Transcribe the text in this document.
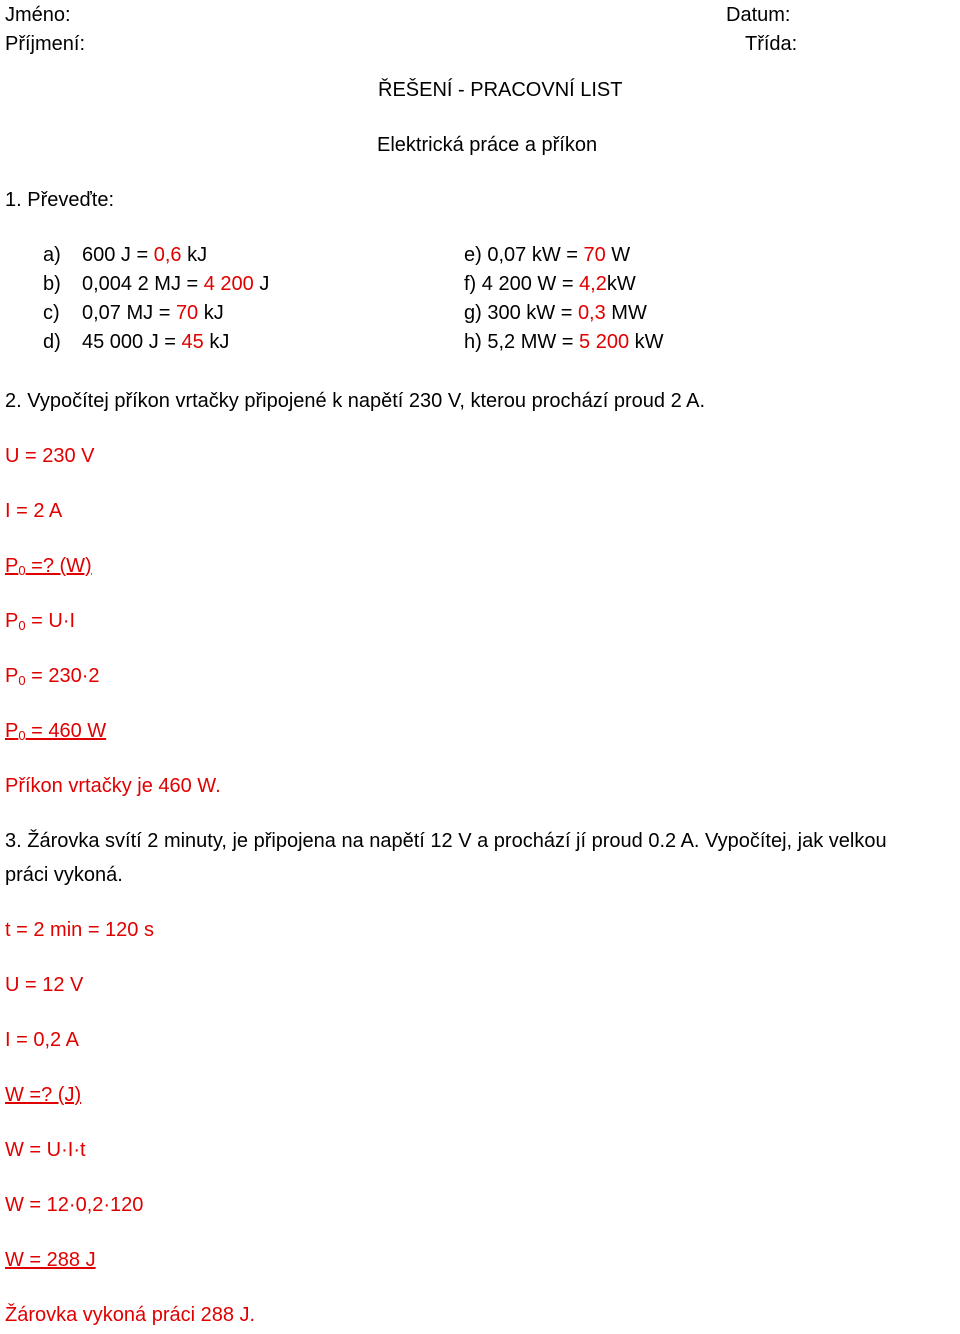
Jméno:
Příjmení:
Datum:
Třída:
ŘEŠENÍ - PRACOVNÍ LIST
Elektrická práce a příkon
1. Převeďte:
a) 600 J = 0,6 kJ
b) 0,004 2 MJ = 4 200 J
c) 0,07 MJ = 70 kJ
d) 45 000 J = 45 kJ
e) 0,07 kW = 70 W
f) 4 200 W = 4,2kW
g) 300 kW = 0,3 MW
h) 5,2 MW = 5 200 kW
2. Vypočítej příkon vrtačky připojené k napětí 230 V, kterou prochází proud 2 A.
U = 230 V
I = 2 A
$P_0$ =? (W)
$P_0 = U\cdot I$
$P_0 = 230\cdot 2$
$P_0 = 460$ W
Příkon vrtačky je 460 W.
3. Žárovka svítí 2 minuty, je připojena na napětí 12 V a prochází jí proud 0.2 A. Vypočítej, jak velkou
práci vykoná.
t = 2 min = 120 s
U = 12 V
I = 0,2 A
W =? (J)
W = U·I·t
W = 12·0,2·120
W = 288 J
Žárovka vykoná práci 288 J.
